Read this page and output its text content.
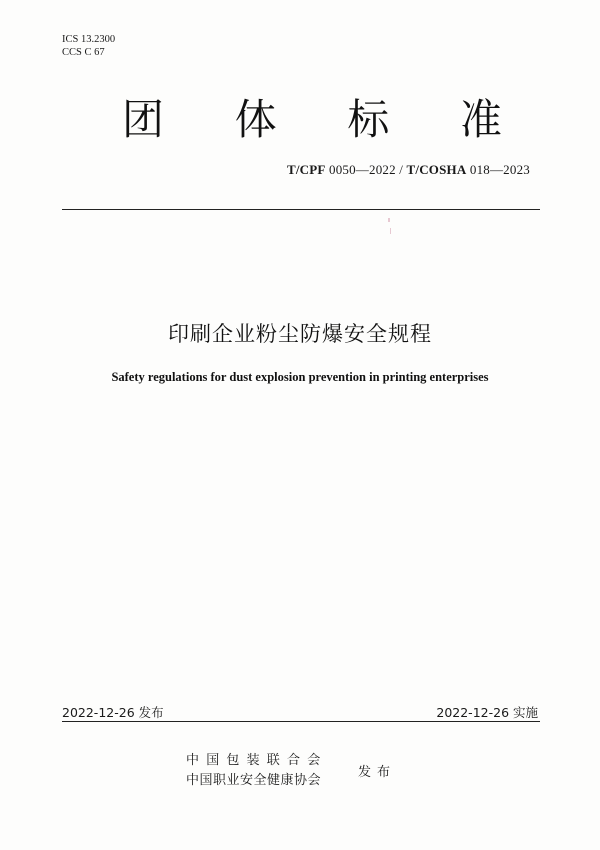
ICS 13.2300
CCS C 67
团 体 标 准
T/CPF 0050—2022 / T/COSHA 018—2023
印刷企业粉尘防爆安全规程
Safety regulations for dust explosion prevention in printing enterprises
2022-12-26 发布	2022-12-26 实施
中国包装联合会
中国职业安全健康协会
发布
